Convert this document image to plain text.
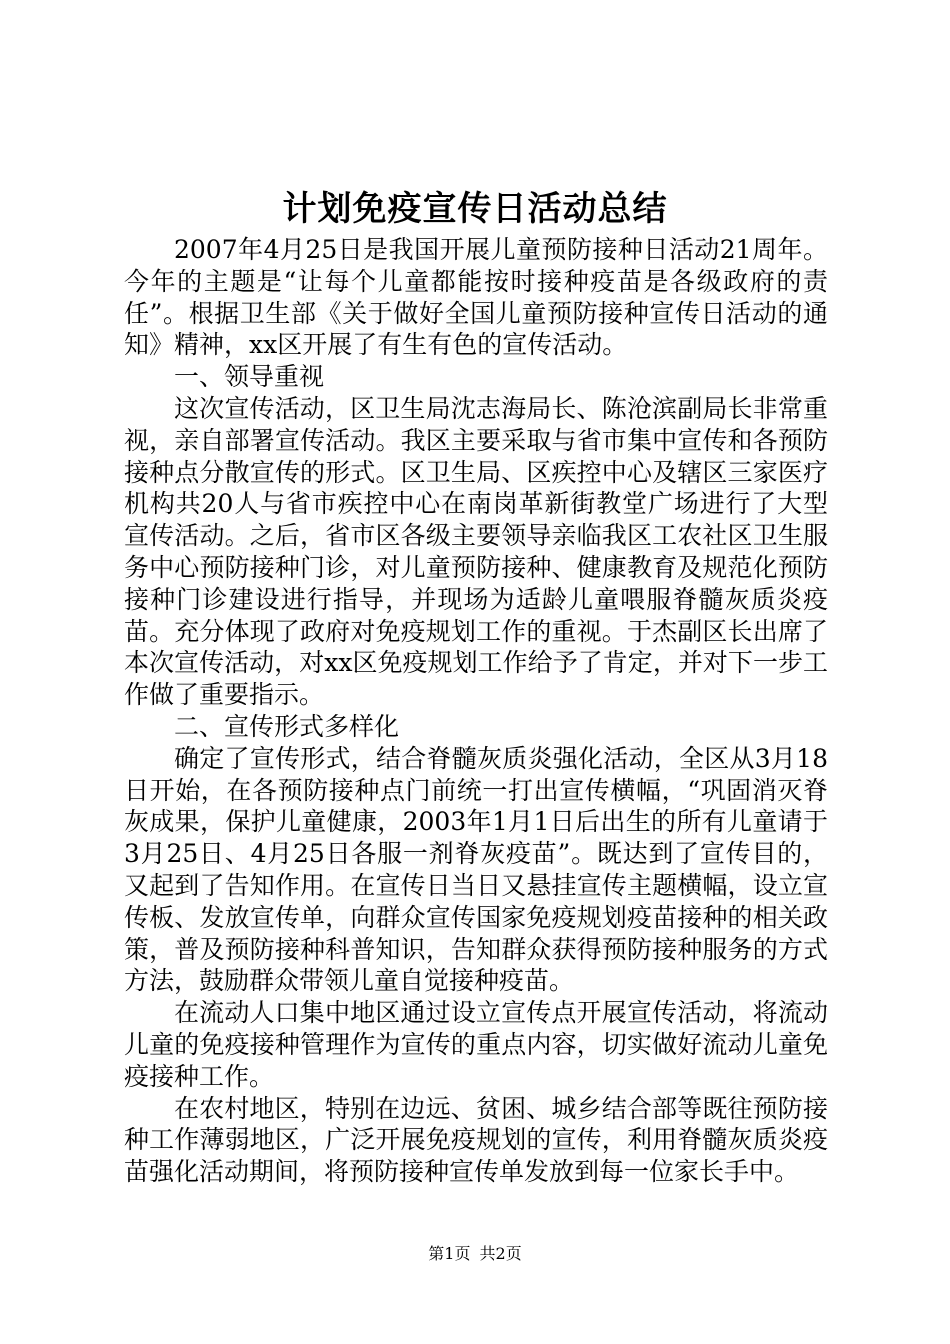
计划免疫宣传日活动总结

2007年4月25日是我国开展儿童预防接种日活动21周年。今年的主题是“让每个儿童都能按时接种疫苗是各级政府的责任”。根据卫生部《关于做好全国儿童预防接种宣传日活动的通知》精神，xx区开展了有生有色的宣传活动。

一、领导重视

这次宣传活动，区卫生局沈志海局长、陈沧滨副局长非常重视，亲自部署宣传活动。我区主要采取与省市集中宣传和各预防接种点分散宣传的形式。区卫生局、区疾控中心及辖区三家医疗机构共20人与省市疾控中心在南岗革新街教堂广场进行了大型宣传活动。之后，省市区各级主要领导亲临我区工农社区卫生服务中心预防接种门诊，对儿童预防接种、健康教育及规范化预防接种门诊建设进行指导，并现场为适龄儿童喂服脊髓灰质炎疫苗。充分体现了政府对免疫规划工作的重视。于杰副区长出席了本次宣传活动，对xx区免疫规划工作给予了肯定，并对下一步工作做了重要指示。

二、宣传形式多样化

确定了宣传形式，结合脊髓灰质炎强化活动，全区从3月18日开始，在各预防接种点门前统一打出宣传横幅，“巩固消灭脊灰成果，保护儿童健康，2003年1月1日后出生的所有儿童请于3月25日、4月25日各服一剂脊灰疫苗”。既达到了宣传目的，又起到了告知作用。在宣传日当日又悬挂宣传主题横幅，设立宣传板、发放宣传单，向群众宣传国家免疫规划疫苗接种的相关政策，普及预防接种科普知识，告知群众获得预防接种服务的方式方法，鼓励群众带领儿童自觉接种疫苗。

在流动人口集中地区通过设立宣传点开展宣传活动，将流动儿童的免疫接种管理作为宣传的重点内容，切实做好流动儿童免疫接种工作。

在农村地区，特别在边远、贫困、城乡结合部等既往预防接种工作薄弱地区，广泛开展免疫规划的宣传，利用脊髓灰质炎疫苗强化活动期间，将预防接种宣传单发放到每一位家长手中。

第1页 共2页
